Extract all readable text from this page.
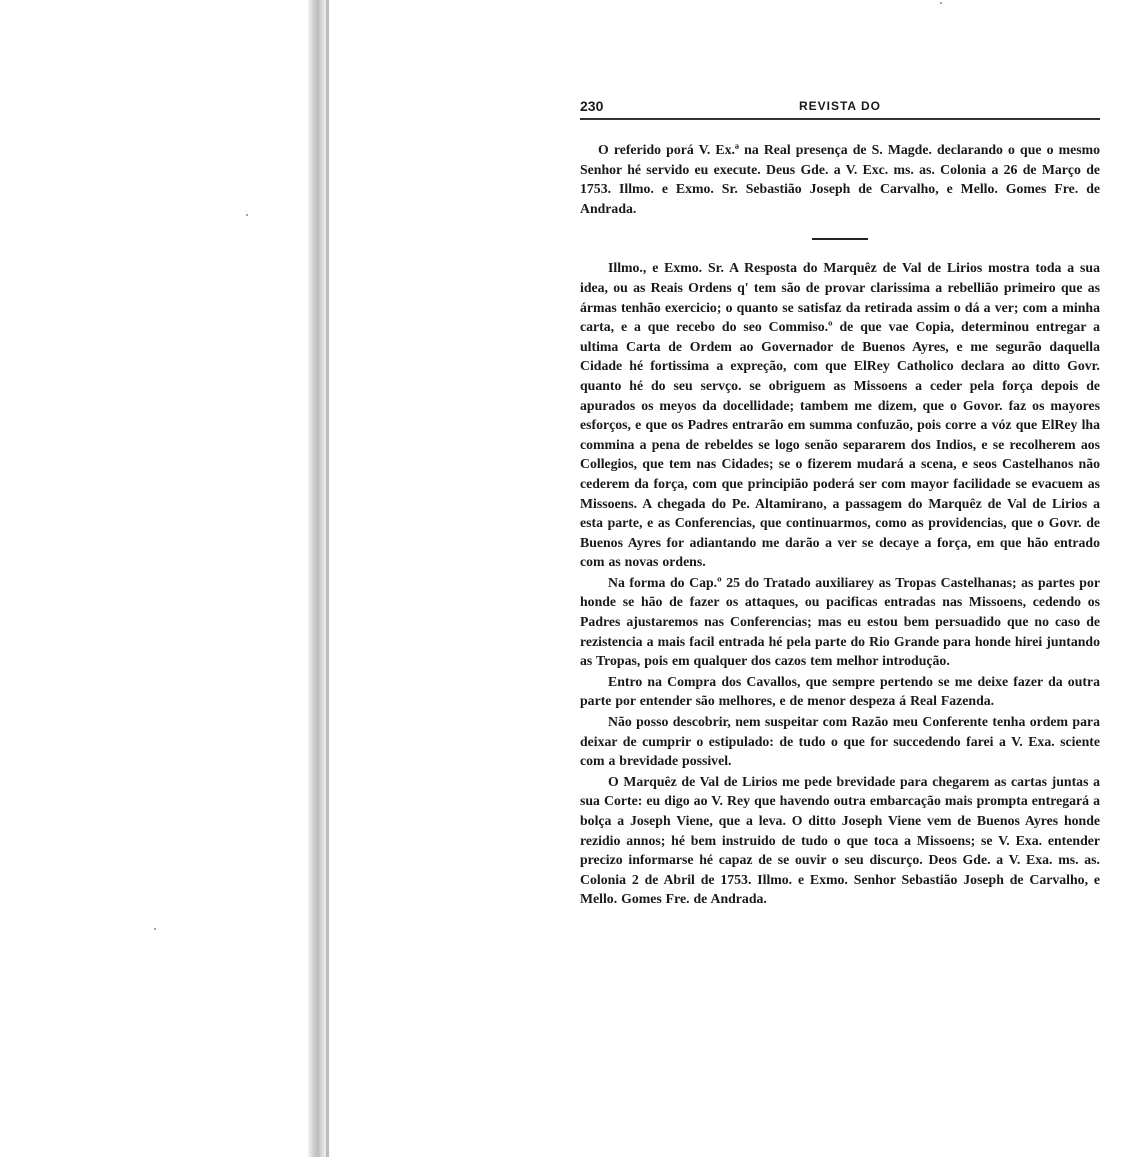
230	REVISTA DO

O referido porá V. Ex.ª na Real presença de S. Magde. declarando o que o mesmo Senhor hé servido eu execute. Deus Gde. a V. Exc. ms. as. Colonia a 26 de Março de 1753. Illmo. e Exmo. Sr. Sebastião Joseph de Carvalho, e Mello. Gomes Fre. de Andrada.

Illmo., e Exmo. Sr. A Resposta do Marquêz de Val de Lirios mostra toda a sua idea, ou as Reais Ordens q' tem são de provar clarissima a rebellião primeiro que as ármas tenhão exercicio; o quanto se satisfaz da retirada assim o dá a ver; com a minha carta, e a que recebo do seo Commiso.º de que vae Copia, determinou entregar a ultima Carta de Ordem ao Governador de Buenos Ayres, e me segurão daquella Cidade hé fortissima a expreção, com que ElRey Catholico declara ao ditto Govr. quanto hé do seu servço. se obriguem as Missoens a ceder pela força depois de apurados os meyos da docellidade; tambem me dizem, que o Govor. faz os mayores esforços, e que os Padres entrarão em summa confuzão, pois corre a vóz que ElRey lha commina a pena de rebeldes se logo senão separarem dos Indios, e se recolherem aos Collegios, que tem nas Cidades; se o fizerem mudará a scena, e seos Castelhanos não cederem da força, com que principião poderá ser com mayor facilidade se evacuem as Missoens. A chegada do Pe. Altamirano, a passagem do Marquêz de Val de Lirios a esta parte, e as Conferencias, que continuarmos, como as providencias, que o Govr. de Buenos Ayres for adiantando me darão a ver se decaye a força, em que hão entrado com as novas ordens.

Na forma do Cap.º 25 do Tratado auxiliarey as Tropas Castelhanas; as partes por honde se hão de fazer os attaques, ou pacificas entradas nas Missoens, cedendo os Padres ajustaremos nas Conferencias; mas eu estou bem persuadido que no caso de rezistencia a mais facil entrada hé pela parte do Rio Grande para honde hirei juntando as Tropas, pois em qualquer dos cazos tem melhor introdução.

Entro na Compra dos Cavallos, que sempre pertendo se me deixe fazer da outra parte por entender são melhores, e de menor despeza á Real Fazenda.

Não posso descobrir, nem suspeitar com Razão meu Conferente tenha ordem para deixar de cumprir o estipulado: de tudo o que for succedendo farei a V. Exa. sciente com a brevidade possivel.

O Marquêz de Val de Lirios me pede brevidade para chegarem as cartas juntas a sua Corte: eu digo ao V. Rey que havendo outra embarcação mais prompta entregará a bolça a Joseph Viene, que a leva. O ditto Joseph Viene vem de Buenos Ayres honde rezidio annos; hé bem instruido de tudo o que toca a Missoens; se V. Exa. entender precizo informarse hé capaz de se ouvir o seu discurço. Deos Gde. a V. Exa. ms. as. Colonia 2 de Abril de 1753. Illmo. e Exmo. Senhor Sebastião Joseph de Carvalho, e Mello. Gomes Fre. de Andrada.
